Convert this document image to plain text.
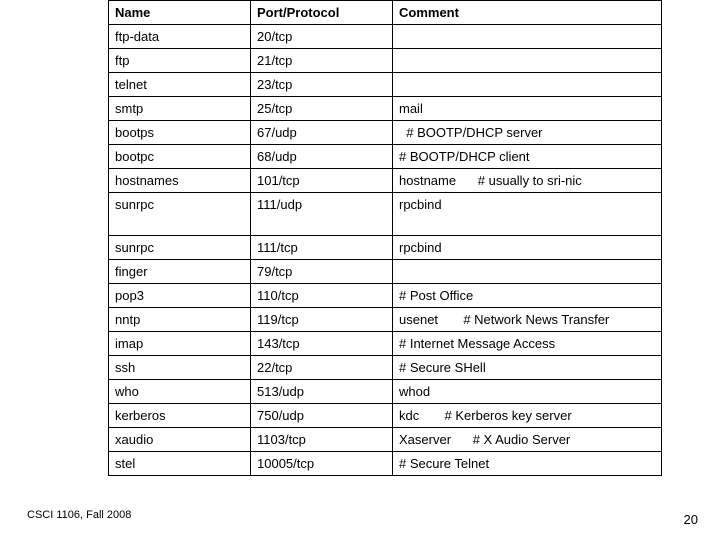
Name	Port/Protocol	Comment
ftp-data	20/tcp	
ftp	21/tcp	
telnet	23/tcp	
smtp	25/tcp	mail
bootps	67/udp	# BOOTP/DHCP server
bootpc	68/udp	# BOOTP/DHCP client
hostnames	101/tcp	hostname      # usually to sri-nic
sunrpc	111/udp	rpcbind
sunrpc	111/tcp	rpcbind
finger	79/tcp	
pop3	110/tcp	# Post Office
nntp	119/tcp	usenet       # Network News Transfer
imap	143/tcp	# Internet Message Access
ssh	22/tcp	# Secure SHell
who	513/udp	whod
kerberos	750/udp	kdc       # Kerberos key server
xaudio	1103/tcp	Xaserver      # X Audio Server
stel	10005/tcp	# Secure Telnet
CSCI 1106, Fall 2008	20
